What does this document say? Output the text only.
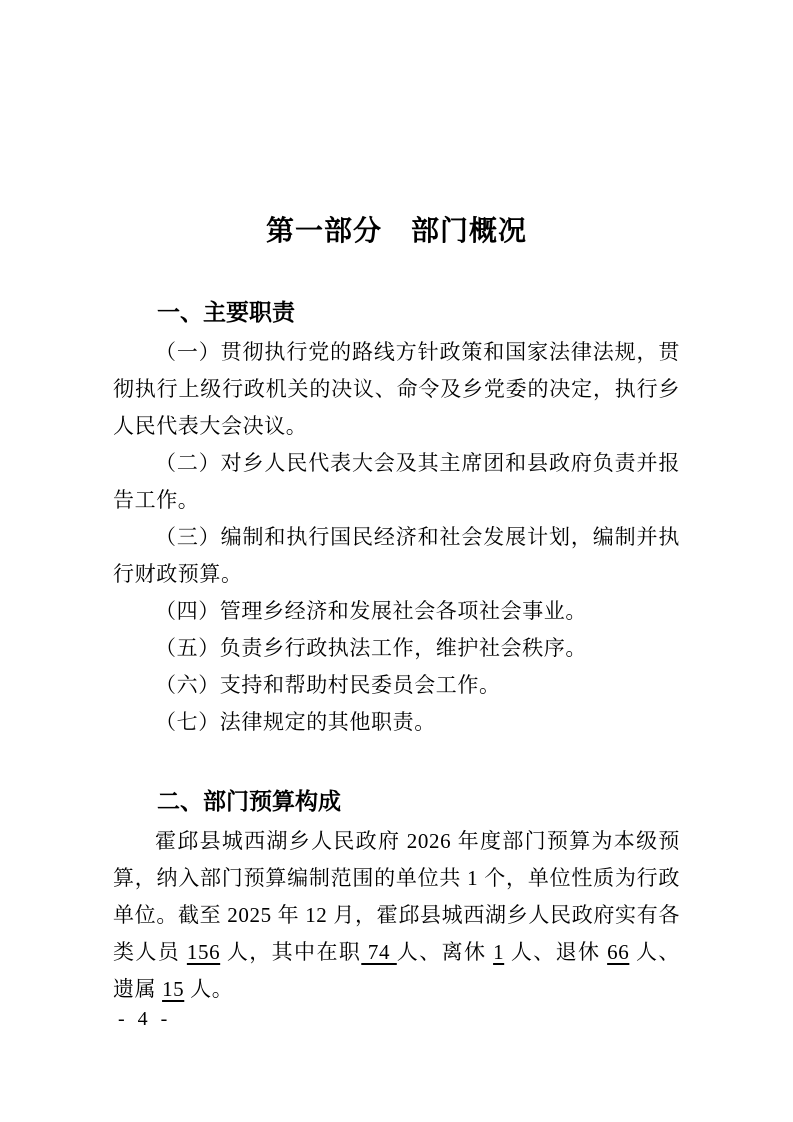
第一部分　部门概况
一、主要职责

（一）贯彻执行党的路线方针政策和国家法律法规，贯彻执行上级行政机关的决议、命令及乡党委的决定，执行乡人民代表大会决议。

（二）对乡人民代表大会及其主席团和县政府负责并报告工作。

（三）编制和执行国民经济和社会发展计划，编制并执行财政预算。

（四）管理乡经济和发展社会各项社会事业。

（五）负责乡行政执法工作，维护社会秩序。

（六）支持和帮助村民委员会工作。

（七）法律规定的其他职责。

二、部门预算构成

霍邱县城西湖乡人民政府 2026 年度部门预算为本级预算，纳入部门预算编制范围的单位共 1 个，单位性质为行政单位。截至 2025 年 12 月，霍邱县城西湖乡人民政府实有各类人员 156 人，其中在职 74 人、离休 1 人、退休 66 人、遗属 15 人。

- 4 -
